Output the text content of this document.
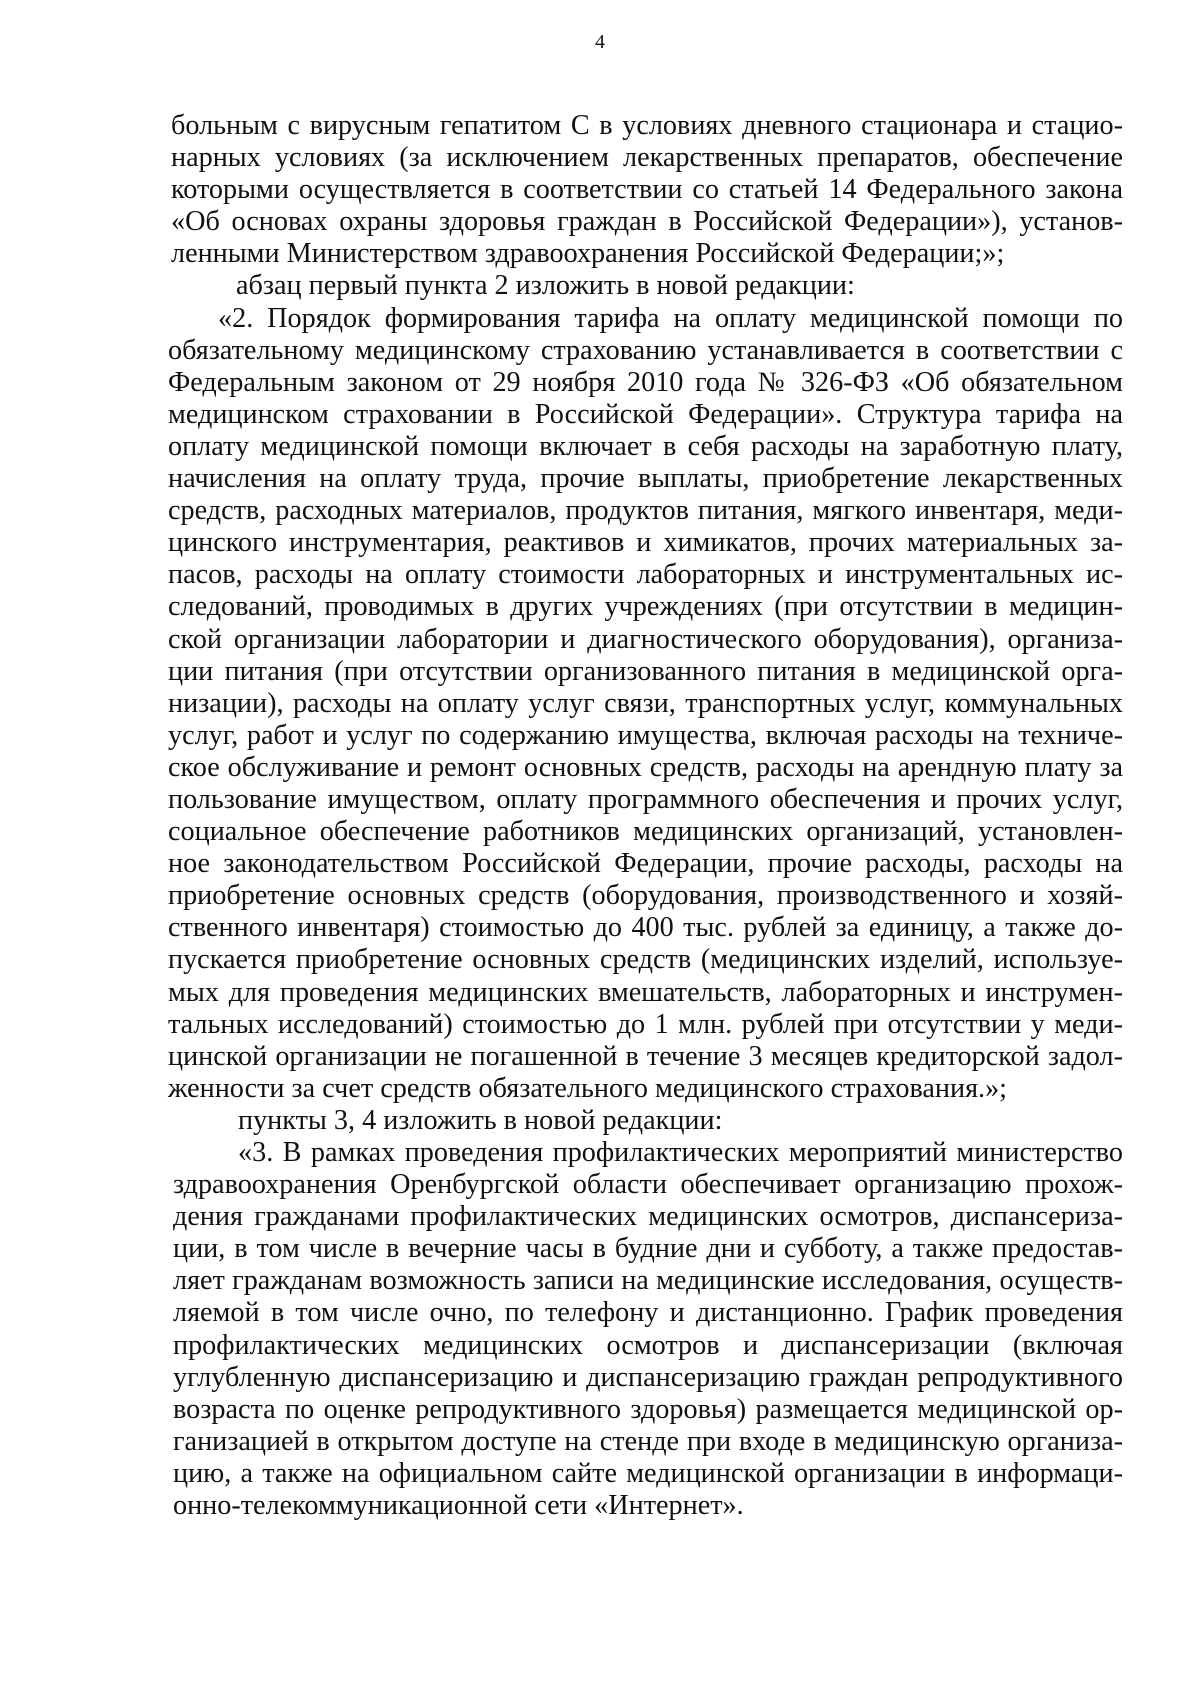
4
больным с вирусным гепатитом С в условиях дневного стационара и стацио-
нарных условиях (за исключением лекарственных препаратов, обеспечение
которыми осуществляется в соответствии со статьей 14 Федерального закона
«Об основах охраны здоровья граждан в Российской Федерации»), установ-
ленными Министерством здравоохранения Российской Федерации;»;
абзац первый пункта 2 изложить в новой редакции:
«2. Порядок формирования тарифа на оплату медицинской помощи по
обязательному медицинскому страхованию устанавливается в соответствии с
Федеральным законом от 29 ноября 2010 года № 326-ФЗ «Об обязательном
медицинском страховании в Российской Федерации». Структура тарифа на
оплату медицинской помощи включает в себя расходы на заработную плату,
начисления на оплату труда, прочие выплаты, приобретение лекарственных
средств, расходных материалов, продуктов питания, мягкого инвентаря, меди-
цинского инструментария, реактивов и химикатов, прочих материальных за-
пасов, расходы на оплату стоимости лабораторных и инструментальных ис-
следований, проводимых в других учреждениях (при отсутствии в медицин-
ской организации лаборатории и диагностического оборудования), организа-
ции питания (при отсутствии организованного питания в медицинской орга-
низации), расходы на оплату услуг связи, транспортных услуг, коммунальных
услуг, работ и услуг по содержанию имущества, включая расходы на техниче-
ское обслуживание и ремонт основных средств, расходы на арендную плату за
пользование имуществом, оплату программного обеспечения и прочих услуг,
социальное обеспечение работников медицинских организаций, установлен-
ное законодательством Российской Федерации, прочие расходы, расходы на
приобретение основных средств (оборудования, производственного и хозяй-
ственного инвентаря) стоимостью до 400 тыс. рублей за единицу, а также до-
пускается приобретение основных средств (медицинских изделий, используе-
мых для проведения медицинских вмешательств, лабораторных и инструмен-
тальных исследований) стоимостью до 1 млн. рублей при отсутствии у меди-
цинской организации не погашенной в течение 3 месяцев кредиторской задол-
женности за счет средств обязательного медицинского страхования.»;
пункты 3, 4 изложить в новой редакции:
«3. В рамках проведения профилактических мероприятий министерство
здравоохранения Оренбургской области обеспечивает организацию прохож-
дения гражданами профилактических медицинских осмотров, диспансериза-
ции, в том числе в вечерние часы в будние дни и субботу, а также предостав-
ляет гражданам возможность записи на медицинские исследования, осуществ-
ляемой в том числе очно, по телефону и дистанционно. График проведения
профилактических медицинских осмотров и диспансеризации (включая
углубленную диспансеризацию и диспансеризацию граждан репродуктивного
возраста по оценке репродуктивного здоровья) размещается медицинской ор-
ганизацией в открытом доступе на стенде при входе в медицинскую организа-
цию, а также на официальном сайте медицинской организации в информаци-
онно-телекоммуникационной сети «Интернет».
